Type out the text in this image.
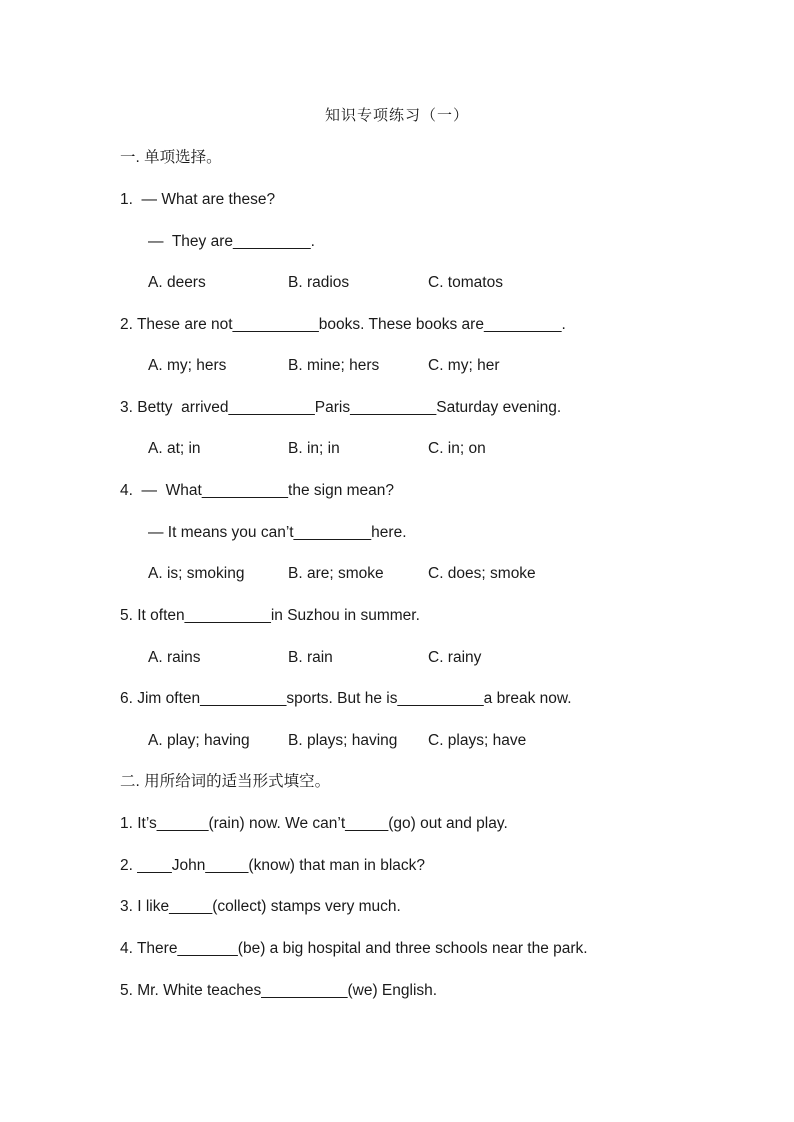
知识专项练习（一）
一. 单项选择。
1.  — What are these?
—  They are_________.
A. deers	B. radios	C. tomatos
2. These are not__________books. These books are_________.
A. my; hers	B. mine; hers	C. my; her
3. Betty  arrived__________Paris__________Saturday evening.
A. at; in	B. in; in	C. in; on
4.  —  What__________the sign mean?
— It means you can’t_________here.
A. is; smoking	B. are; smoke	C. does; smoke
5. It often__________in Suzhou in summer.
A. rains	B. rain	C. rainy
6. Jim often__________sports. But he is__________a break now.
A. play; having B. plays; having C. plays; have
二. 用所给词的适当形式填空。
1. It’s______(rain) now. We can’t_____(go) out and play.
2. ____John_____(know) that man in black?
3. I like_____(collect) stamps very much.
4. There_______(be) a big hospital and three schools near the park.
5. Mr. White teaches__________(we) English.
